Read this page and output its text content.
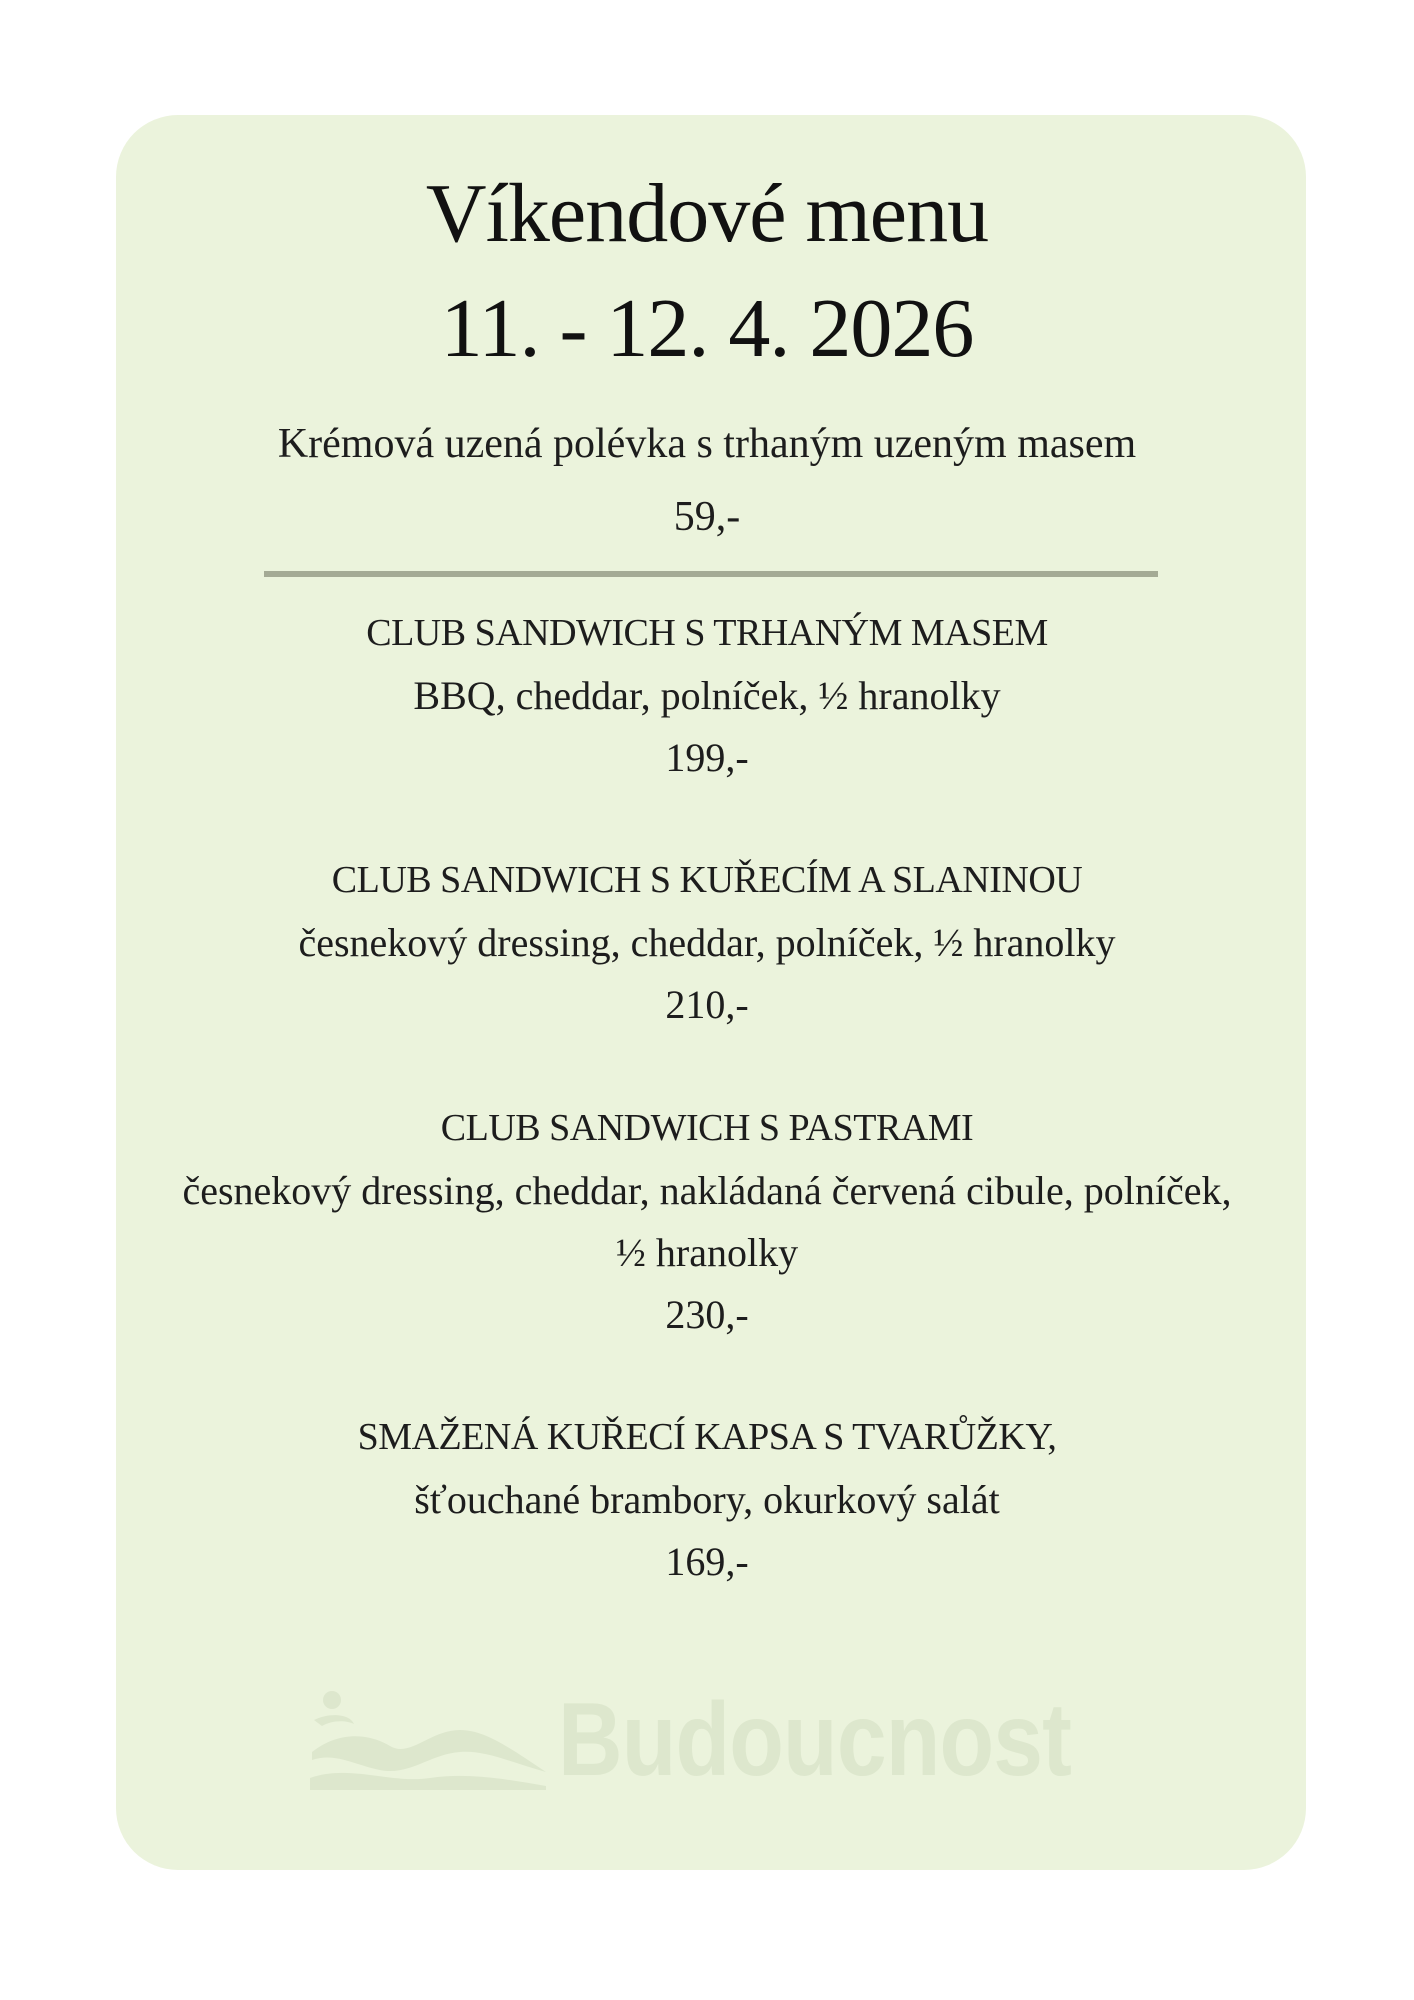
Víkendové menu
11. - 12. 4. 2026
Krémová uzená polévka s trhaným uzeným masem
59,-
CLUB SANDWICH S TRHANÝM MASEM
BBQ, cheddar, polníček, ½ hranolky
199,-
CLUB SANDWICH S KUŘECÍM A SLANINOU
česnekový dressing, cheddar, polníček, ½ hranolky
210,-
CLUB SANDWICH S PASTRAMI
česnekový dressing, cheddar, nakládaná červená cibule, polníček,
½ hranolky
230,-
SMAŽENÁ KUŘECÍ KAPSA S TVARŮŽKY,
šťouchané brambory, okurkový salát
169,-
Budoucnost
